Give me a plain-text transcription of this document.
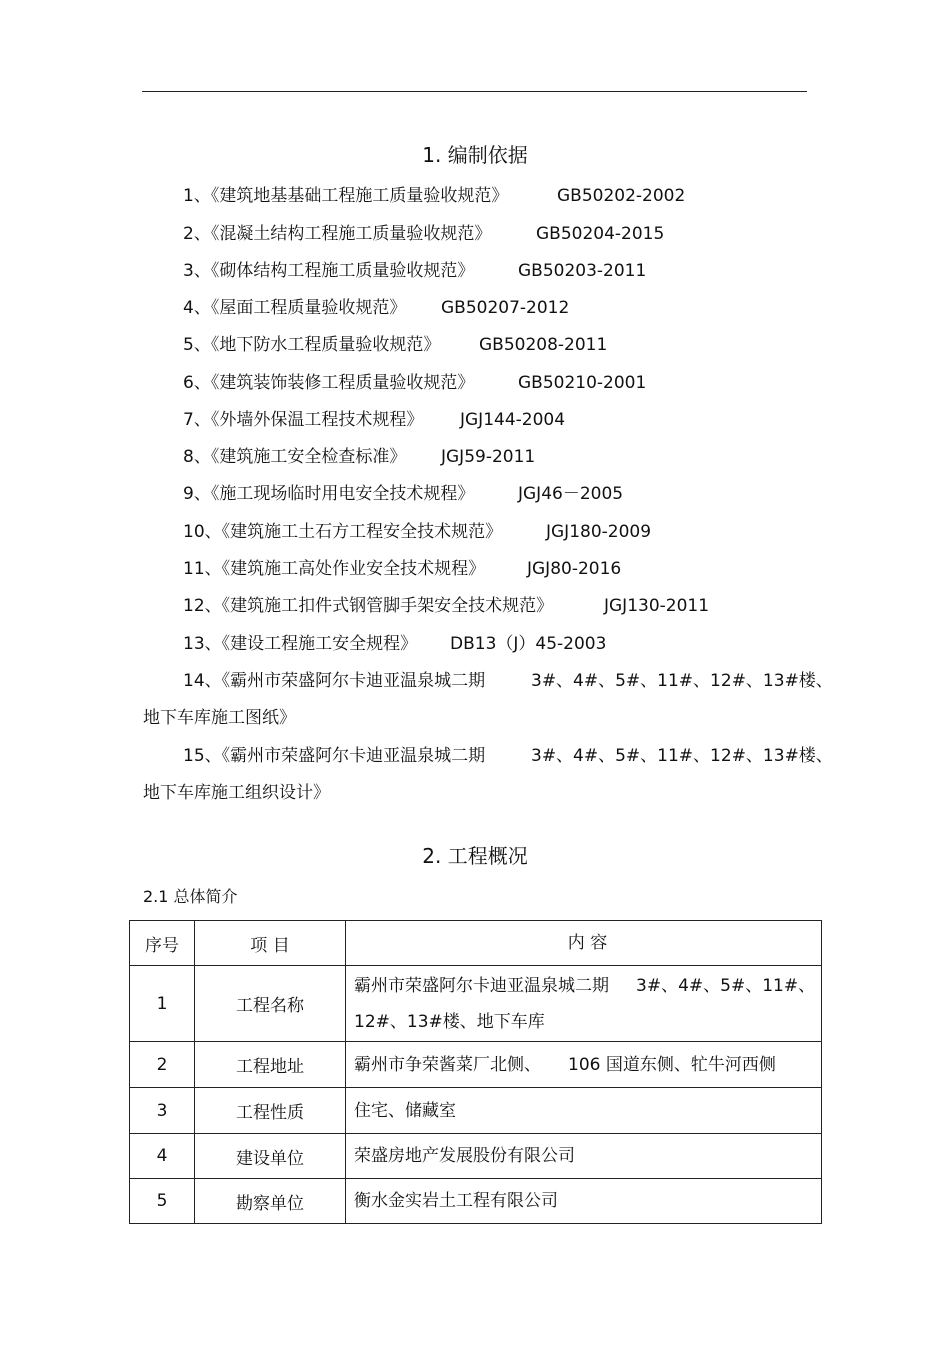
1. 编制依据
1、《建筑地基基础工程施工质量验收规范》	GB50202-2002
2、《混凝土结构工程施工质量验收规范》	GB50204-2015
3、《砌体结构工程施工质量验收规范》	GB50203-2011
4、《屋面工程质量验收规范》 GB50207-2012
5、《地下防水工程质量验收规范》 GB50208-2011
6、《建筑装饰装修工程质量验收规范》	GB50210-2001
7、《外墙外保温工程技术规程》 JGJ144-2004
8、《建筑施工安全检查标准》 JGJ59-2011
9、《施工现场临时用电安全技术规程》	JGJ46－2005
10、《建筑施工土石方工程安全技术规范》	JGJ180-2009
11、《建筑施工高处作业安全技术规程》 JGJ80-2016
12、《建筑施工扣件式钢管脚手架安全技术规范》	JGJ130-2011
13、《建设工程施工安全规程》 DB13（J）45-2003
14、《霸州市荣盛阿尔卡迪亚温泉城二期	3#、4#、5#、11#、12#、13#楼、
地下车库施工图纸》
15、《霸州市荣盛阿尔卡迪亚温泉城二期	3#、4#、5#、11#、12#、13#楼、
地下车库施工组织设计》
2. 工程概况
2.1 总体简介
序号	项 目	内 容
1	工程名称	霸州市荣盛阿尔卡迪亚温泉城二期 3#、4#、5#、11#、
12#、13#楼、地下车库

2	工程地址	霸州市争荣酱菜厂北侧、 106 国道东侧、牤牛河西侧
3	工程性质	住宅、储藏室
4	建设单位	荣盛房地产发展股份有限公司
5	勘察单位	衡水金实岩土工程有限公司
